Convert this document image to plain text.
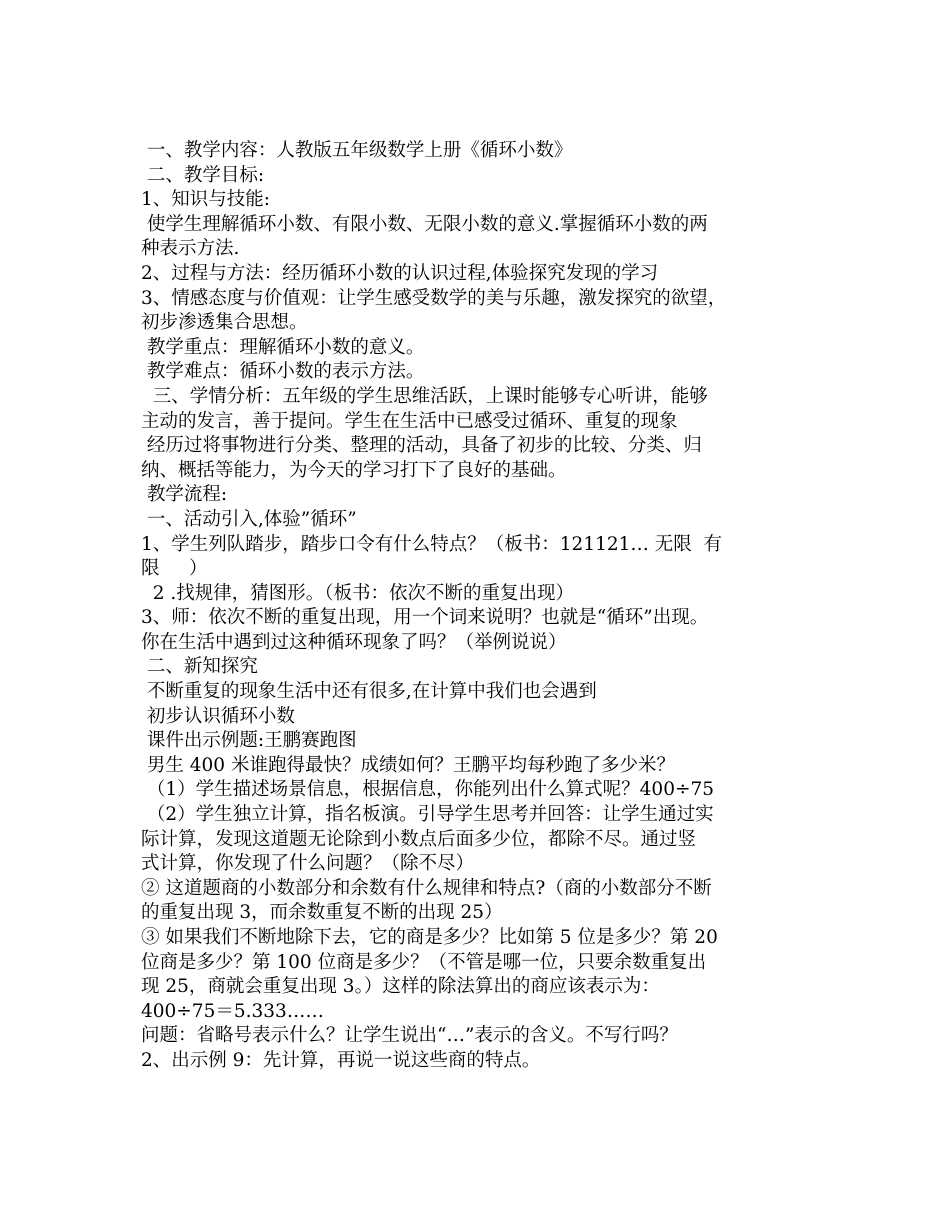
一、教学内容：人教版五年级数学上册《循环小数》
二、教学目标:
1、知识与技能:
使学生理解循环小数、有限小数、无限小数的意义.掌握循环小数的两
种表示方法.
2、过程与方法：经历循环小数的认识过程,体验探究发现的学习
3、情感态度与价值观：让学生感受数学的美与乐趣，激发探究的欲望，
初步渗透集合思想。
教学重点：理解循环小数的意义。
教学难点：循环小数的表示方法。
三、学情分析：五年级的学生思维活跃，上课时能够专心听讲，能够
主动的发言，善于提问。学生在生活中已感受过循环、重复的现象
经历过将事物进行分类、整理的活动，具备了初步的比较、分类、归
纳、概括等能力，为今天的学习打下了良好的基础。
教学流程:
一、活动引入,体验”循环”
1、学生列队踏步，踏步口令有什么特点？（板书：121121… 无限  有
限     ）
2 .找规律，猜图形。（板书：依次不断的重复出现）
3、师：依次不断的重复出现，用一个词来说明？也就是“循环”出现。
你在生活中遇到过这种循环现象了吗？（举例说说）
二、新知探究
不断重复的现象生活中还有很多,在计算中我们也会遇到
初步认识循环小数
课件出示例题:王鹏赛跑图
男生 400 米谁跑得最快？成绩如何？王鹏平均每秒跑了多少米？
（1）学生描述场景信息，根据信息，你能列出什么算式呢？400÷75
（2）学生独立计算，指名板演。引导学生思考并回答：让学生通过实
际计算，发现这道题无论除到小数点后面多少位，都除不尽。通过竖
式计算，你发现了什么问题？（除不尽）
② 这道题商的小数部分和余数有什么规律和特点?（商的小数部分不断
的重复出现 3，而余数重复不断的出现 25）
③ 如果我们不断地除下去，它的商是多少？比如第 5 位是多少？第 20
位商是多少？第 100 位商是多少？（不管是哪一位，只要余数重复出
现 25，商就会重复出现 3。）这样的除法算出的商应该表示为：
400÷75＝5.333……
问题：省略号表示什么？让学生说出“…”表示的含义。不写行吗？
2、出示例 9：先计算，再说一说这些商的特点。
